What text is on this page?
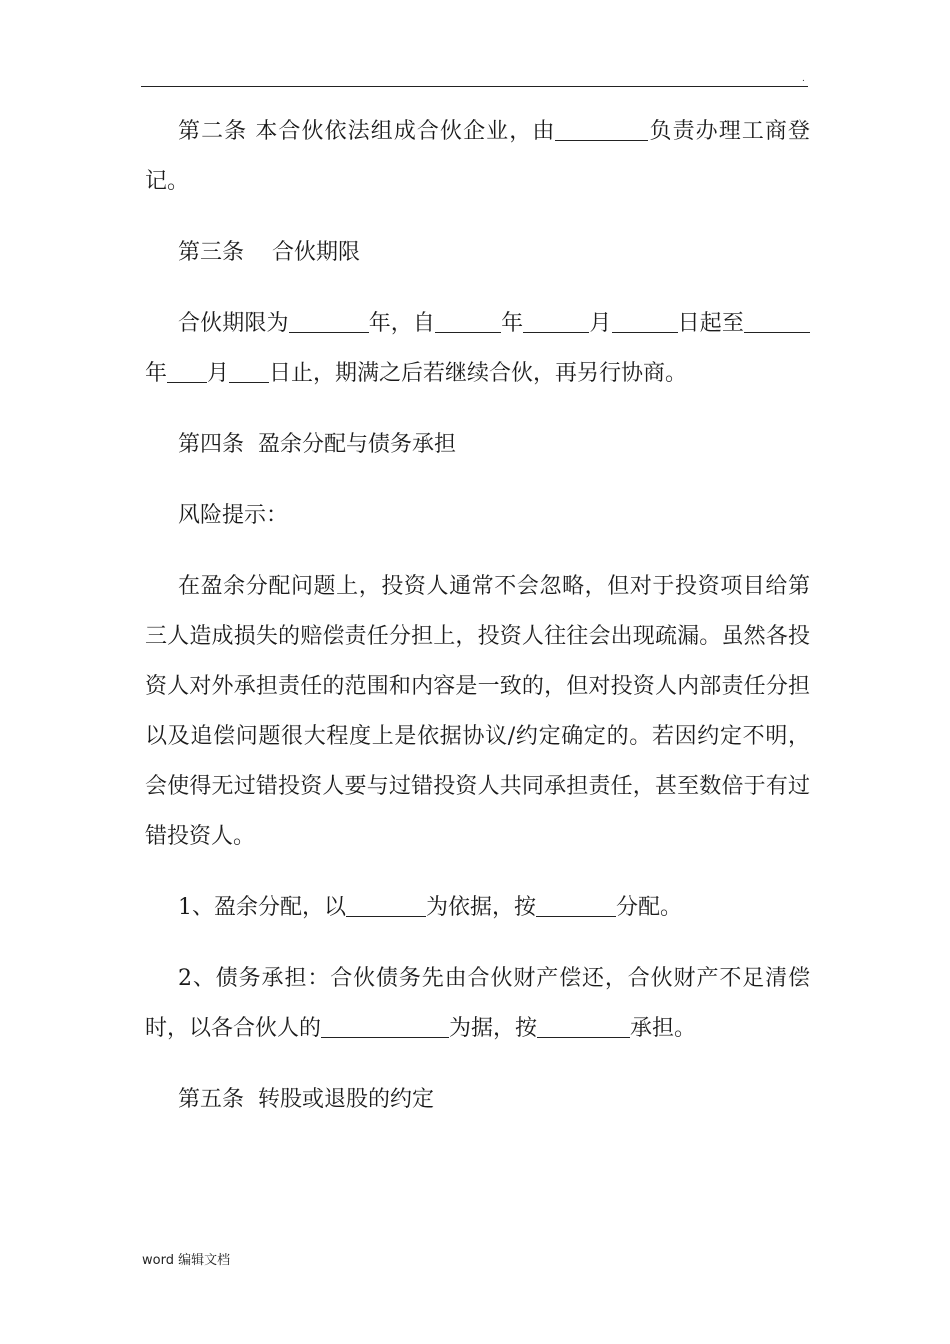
.

第二条 本合伙依法组成合伙企业，由	负责办理工商登记。

第三条    合伙期限

合伙期限为	年，自	年	月	日起至年 月 日止，期满之后若继续合伙，再另行协商。

第四条  盈余分配与债务承担

风险提示：

在盈余分配问题上，投资人通常不会忽略，但对于投资项目给第三人造成损失的赔偿责任分担上，投资人往往会出现疏漏。虽然各投资人对外承担责任的范围和内容是一致的，但对投资人内部责任分担以及追偿问题很大程度上是依据协议/约定确定的。若因约定不明，会使得无过错投资人要与过错投资人共同承担责任，甚至数倍于有过错投资人。

1、盈余分配，以	为依据，按	分配。

2、债务承担：合伙债务先由合伙财产偿还，合伙财产不足清偿时，以各合伙人的	为据，按	承担。

第五条  转股或退股的约定

word 编辑文档
